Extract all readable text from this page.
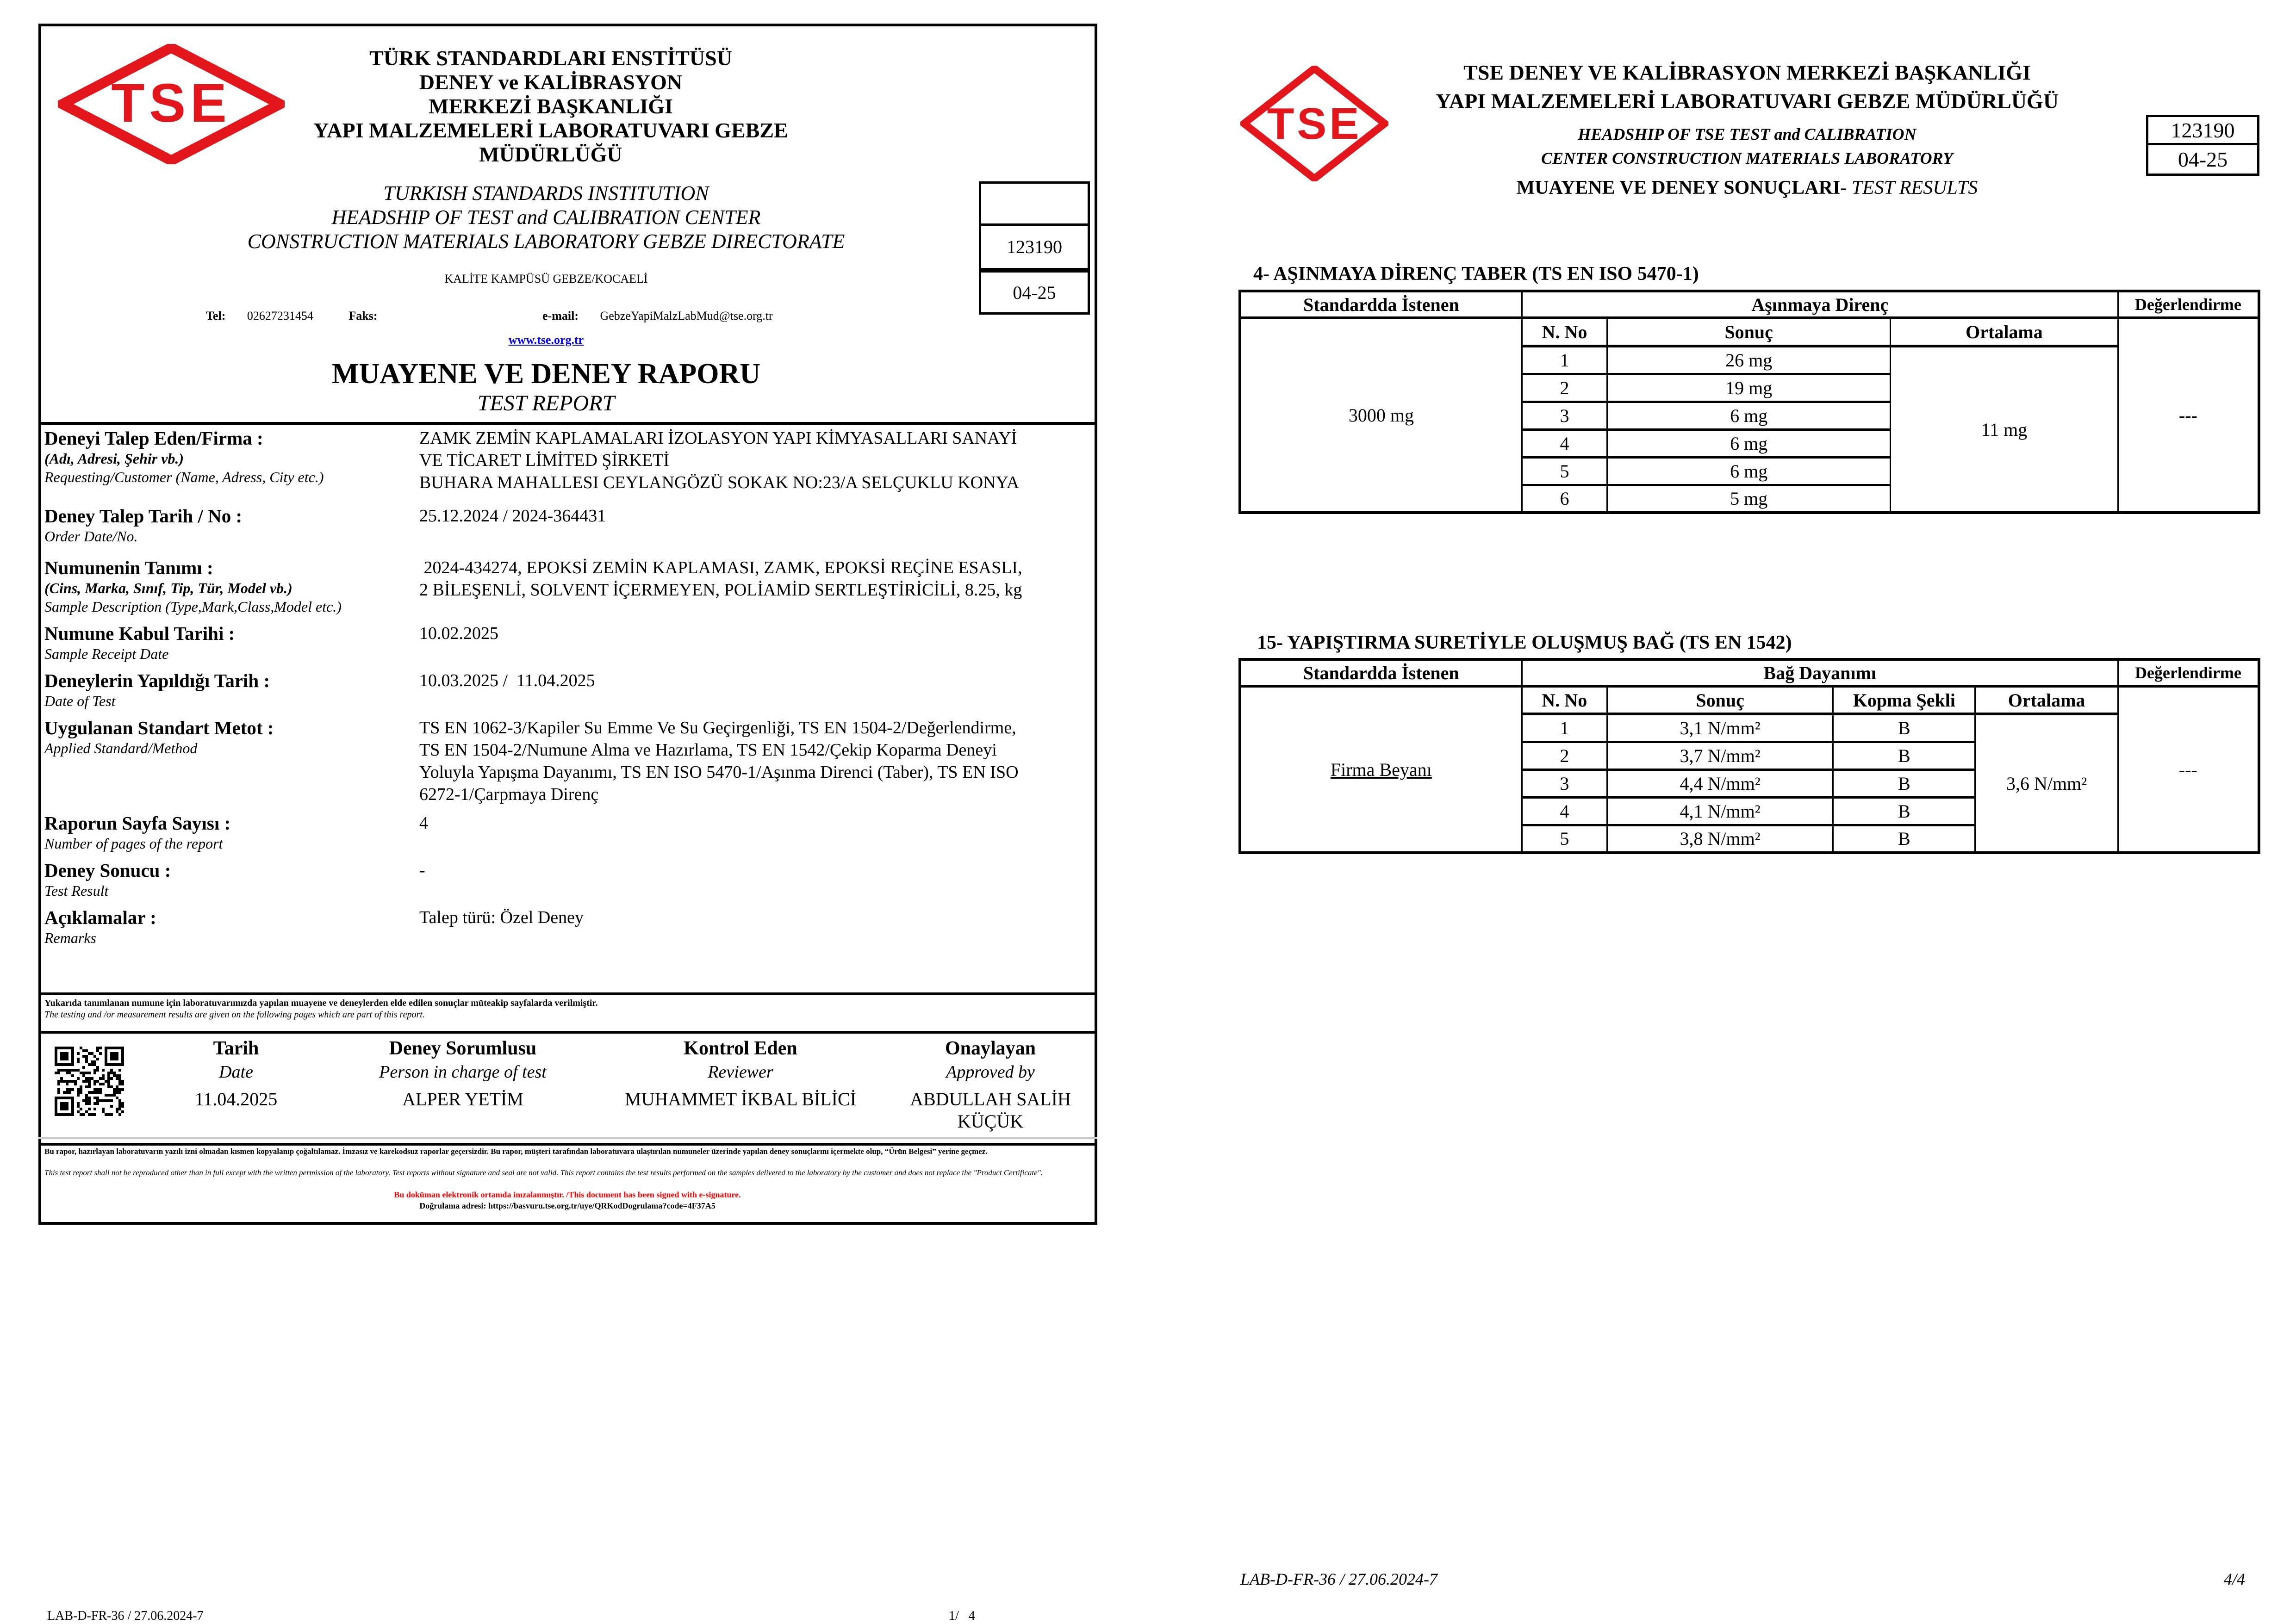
TSE
TÜRK STANDARDLARI ENSTİTÜSÜ
DENEY ve KALİBRASYON
MERKEZİ BAŞKANLIĞI
YAPI MALZEMELERİ LABORATUVARI GEBZE
MÜDÜRLÜĞÜ
TURKISH STANDARDS INSTITUTION
HEADSHIP OF TEST and CALIBRATION CENTER
CONSTRUCTION MATERIALS LABORATORY GEBZE DIRECTORATE
KALİTE KAMPÜSÜ GEBZE/KOCAELİ
Tel: 02627231454	Faks:	e-mail: GebzeYapiMalzLabMud@tse.org.tr
www.tse.org.tr
MUAYENE VE DENEY RAPORU
TEST REPORT
123190
04-25
Deneyi Talep Eden/Firma :
(Adı, Adresi, Şehir vb.)
Requesting/Customer (Name, Adress, City etc.)
ZAMK ZEMİN KAPLAMALARI İZOLASYON YAPI KİMYASALLARI SANAYİ
VE TİCARET LİMİTED ŞİRKETİ
BUHARA MAHALLESI CEYLANGÖZÜ SOKAK NO:23/A SELÇUKLU KONYA
Deney Talep Tarih / No :
Order Date/No.
25.12.2024 / 2024-364431
Numunenin Tanımı :
(Cins, Marka, Sınıf, Tip, Tür, Model vb.)
Sample Description (Type,Mark,Class,Model etc.)
2024-434274, EPOKSİ ZEMİN KAPLAMASI, ZAMK, EPOKSİ REÇİNE ESASLI,
2 BİLEŞENLİ, SOLVENT İÇERMEYEN, POLİAMİD SERTLEŞTİRİCİLİ, 8.25, kg
Numune Kabul Tarihi :
Sample Receipt Date
10.02.2025
Deneylerin Yapıldığı Tarih :
Date of Test
10.03.2025 /  11.04.2025
Uygulanan Standart Metot :
Applied Standard/Method
TS EN 1062-3/Kapiler Su Emme Ve Su Geçirgenliği, TS EN 1504-2/Değerlendirme,
TS EN 1504-2/Numune Alma ve Hazırlama, TS EN 1542/Çekip Koparma Deneyi
Yoluyla Yapışma Dayanımı, TS EN ISO 5470-1/Aşınma Direnci (Taber), TS EN ISO
6272-1/Çarpmaya Direnç
Raporun Sayfa Sayısı :
Number of pages of the report
4
Deney Sonucu :
Test Result
-
Açıklamalar :
Remarks
Talep türü: Özel Deney
Yukarıda tanımlanan numune için laboratuvarımızda yapılan muayene ve deneylerden elde edilen sonuçlar müteakip sayfalarda verilmiştir.
The testing and /or measurement results are given on the following pages which are part of this report.
Tarih
Date
11.04.2025
Deney Sorumlusu
Person in charge of test
ALPER YETİM
Kontrol Eden
Reviewer
MUHAMMET İKBAL BİLİCİ
Onaylayan
Approved by
ABDULLAH SALİH KÜÇÜK
Bu rapor, hazırlayan laboratuvarın yazılı izni olmadan kısmen kopyalanıp çoğaltılamaz. İmzasız ve karekodsuz raporlar geçersizdir. Bu rapor, müşteri tarafından laboratuvara ulaştırılan numuneler üzerinde yapılan deney sonuçlarını içermekte olup, “Ürün Belgesi” yerine geçmez.
This test report shall not be reproduced other than in full except with the written permission of the laboratory. Test reports without signature and seal are not valid. This report contains the test results performed on the samples delivered to the laboratory by the customer and does not replace the "Product Certificate".
Bu doküman elektronik ortamda imzalanmıştır. /This document has been signed with e-signature.
Doğrulama adresi: https://basvuru.tse.org.tr/uye/QRKodDogrulama?code=4F37A5
LAB-D-FR-36 / 27.06.2024-7	1/   4
TSE
TSE DENEY VE KALİBRASYON MERKEZİ BAŞKANLIĞI
YAPI MALZEMELERİ LABORATUVARI GEBZE MÜDÜRLÜĞÜ
HEADSHIP OF TSE TEST and CALIBRATION
CENTER CONSTRUCTION MATERIALS LABORATORY
MUAYENE VE DENEY SONUÇLARI- TEST RESULTS
123190
04-25
4- AŞINMAYA DİRENÇ TABER (TS EN ISO 5470-1)
Standardda İstenen	Aşınmaya Direnç			Değerlendirme
3000 mg	N. No	Sonuç	Ortalama	---
	1	26 mg	11 mg	
	2	19 mg		
	3	6 mg		
	4	6 mg		
	5	6 mg		
	6	5 mg		
15- YAPIŞTIRMA SURETİYLE OLUŞMUŞ BAĞ (TS EN 1542)
Standardda İstenen	Bağ Dayanımı				Değerlendirme
Firma Beyanı	N. No	Sonuç	Kopma Şekli	Ortalama	---
	1	3,1 N/mm²	B	3,6 N/mm²	
	2	3,7 N/mm²	B		
	3	4,4 N/mm²	B		
	4	4,1 N/mm²	B		
	5	3,8 N/mm²	B		
LAB-D-FR-36 / 27.06.2024-7	4/4
